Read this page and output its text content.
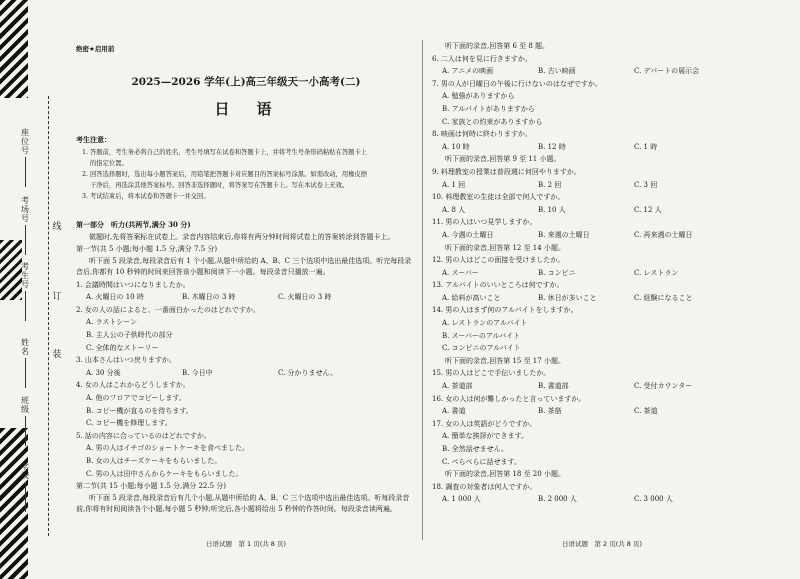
座位号
考场号
考生号
姓名
班级
学校
线
订
装
绝密★启用前
2025—2026 学年(上)高三年级天一小高考(二)
日　语
考生注意：

1. 答题前，考生务必将自己的姓名、考生号填写在试卷和答题卡上，并将考生号条形码粘贴在答题卡上

的指定位置。

2. 回答选择题时，选出每小题答案后，用铅笔把答题卡对应题目的答案标号涂黑。如需改动，用橡皮擦

干净后，再选涂其他答案标号。回答非选择题时，将答案写在答题卡上。写在本试卷上无效。

3. 考试结束后，将本试卷和答题卡一并交回。

第一部分　听力(共两节,满分 30 分)

做题时,先将答案标在试卷上。录音内容结束后,你将有两分钟时间将试卷上的答案转涂到答题卡上。

第一节(共 5 小题;每小题 1.5 分,满分 7.5 分)

听下面 5 段录音,每段录音后有 1 个小题,从题中所给的 A、B、C 三个选项中选出最佳选项。听完每段录音后,你都有 10 秒钟的时间来回答该小题和阅读下一小题。每段录音只播放一遍。

1. 会議時間はいつになりましたか。

A. 火曜日の 10 時	B. 木曜日の 3 時	C. 火曜日の 3 時

2. 女の人の話によると、一番面白かったのはどれですか。

A. ラストシーン

B. 主人公の子供時代の部分

C. 全体的なストーリー

3. 山本さんはいつ戻りますか。

A. 30 分後	B. 今日中	C. 分かりません。

4. 女の人はこれからどうしますか。

A. 他のフロアでコピーします。

B. コピー機が直るのを待ちます。

C. コピー機を修理します。

5. 話の内容に合っているのはどれですか。

A. 男の人はイチゴのショートケーキを食べました。

B. 女の人はチーズケーキをもらいました。

C. 男の人は田中さんからケーキをもらいました。

第二节(共 15 小题;每小题 1.5 分,满分 22.5 分)

听下面 5 段录音,每段录音后有几个小题,从题中所给的 A、B、C 三个选项中选出最佳选项。听每段录音前,你将有时间阅读各个小题,每小题 5 秒钟;听完后,各小题将给出 5 秒钟的作答时间。每段录音读两遍。

日语试题　第 1 页(共 8 页)

听下面的录音,回答第 6 至 8 题。

6. 二人は何を見に行きますか。

A. アニメの映画	B. 古い映画	C. デパートの展示会

7. 男の人が日曜日の午後に行けないのはなぜですか。

A. 勉強がありますから

B. アルバイトがありますから

C. 家族との約束がありますから

8. 映画は何時に終わりますか。

A. 10 時	B. 12 時	C. 1 時

听下面的录音,回答第 9 至 11 小题。

9. 料理教室の授業は普段週に何回やりますか。

A. 1 回	B. 2 回	C. 3 回

10. 料理教室の生徒は全部で何人ですか。

A. 8 人	B. 10 人	C. 12 人

11. 男の人はいつ見学しますか。

A. 今週の土曜日	B. 来週の土曜日	C. 再来週の土曜日

听下面的录音,回答第 12 至 14 小题。

12. 男の人はどこの面接を受けましたか。

A. スーパー	B. コンビニ	C. レストラン

13. アルバイトのいいところは何ですか。

A. 給料が高いこと	B. 休日が多いこと	C. 経験になること

14. 男の人はまず何のアルバイトをしますか。

A. レストランのアルバイト

B. スーパーのアルバイト

C. コンビニのアルバイト

听下面的录音,回答第 15 至 17 小题。

15. 男の人はどこで手伝いましたか。

A. 茶道部	B. 書道部	C. 受付カウンター

16. 女の人は何が難しかったと言っていますか。

A. 書道	B. 茶筋	C. 茶道

17. 女の人は英語がどうですか。

A. 簡単な挨拶ができます。

B. 全然話せません。

C. ぺらぺらに話せます。

听下面的录音,回答第 18 至 20 小题。

18. 調査の対象者は何人ですか。

A. 1 000 人	B. 2 000 人	C. 3 000 人
日语试题　第 2 页(共 8 页)
